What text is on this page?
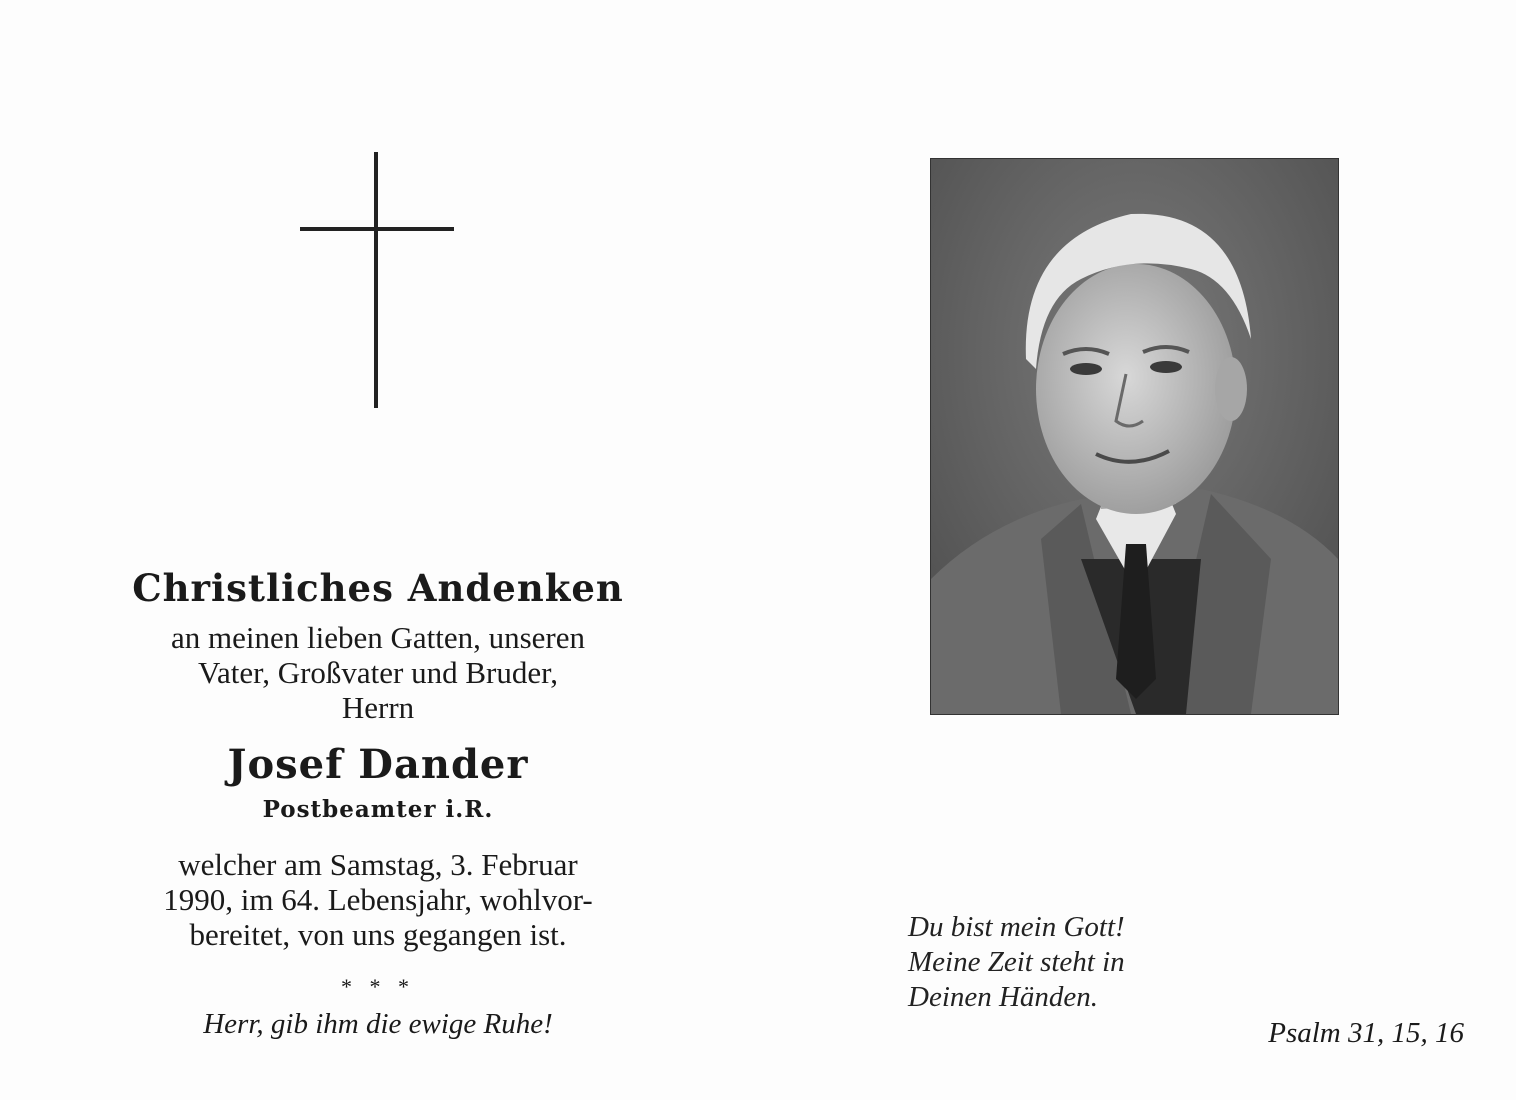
Christliches Andenken
an meinen lieben Gatten, unseren
Vater, Großvater und Bruder,
Herrn
Josef Dander
Postbeamter i.R.
welcher am Samstag, 3. Februar
1990, im 64. Lebensjahr, wohlvor-
bereitet, von uns gegangen ist.
* * *
Herr, gib ihm die ewige Ruhe!
Du bist mein Gott!
Meine Zeit steht in
Deinen Händen.
Psalm 31, 15, 16
